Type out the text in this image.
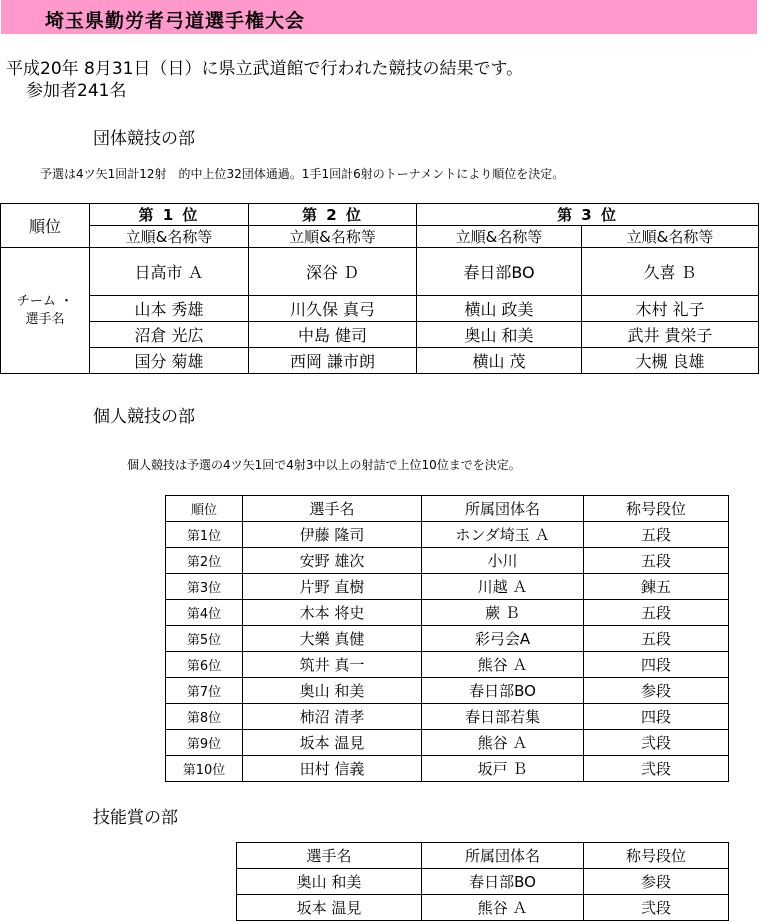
埼玉県勤労者弓道選手権大会
平成20年 8月31日（日）に県立武道館で行われた競技の結果です。
参加者241名
団体競技の部
予選は4ツ矢1回計12射　的中上位32団体通過。1手1回計6射のトーナメントにより順位を決定。
順位	第 1 位	第 2 位	第 3 位	
	立順&名称等	立順&名称等	立順&名称等	立順&名称等

チーム ・
選手名	日高市 Ａ	深谷 Ｄ	春日部BO	久喜 Ｂ
	山本 秀雄	川久保 真弓	横山 政美	木村 礼子
	沼倉 光広	中島 健司	奥山 和美	武井 貴栄子
	国分 菊雄	西岡 謙市朗	横山 茂	大槻 良雄
個人競技の部
個人競技は予選の4ツ矢1回で4射3中以上の射詰で上位10位までを決定。
順位	選手名	所属団体名	称号段位
第1位	伊藤 隆司	ホンダ埼玉 Ａ	五段
第2位	安野 雄次	小川	五段
第3位	片野 直樹	川越 Ａ	錬五
第4位	木本 将史	蕨 Ｂ	五段
第5位	大樂 真健	彩弓会A	五段
第6位	筑井 真一	熊谷 Ａ	四段
第7位	奥山 和美	春日部BO	参段
第8位	柿沼 清孝	春日部若集	四段
第9位	坂本 温見	熊谷 Ａ	弐段
第10位	田村 信義	坂戸 Ｂ	弐段
技能賞の部
選手名	所属団体名	称号段位
奥山 和美	春日部BO	参段
坂本 温見	熊谷 Ａ	弐段
